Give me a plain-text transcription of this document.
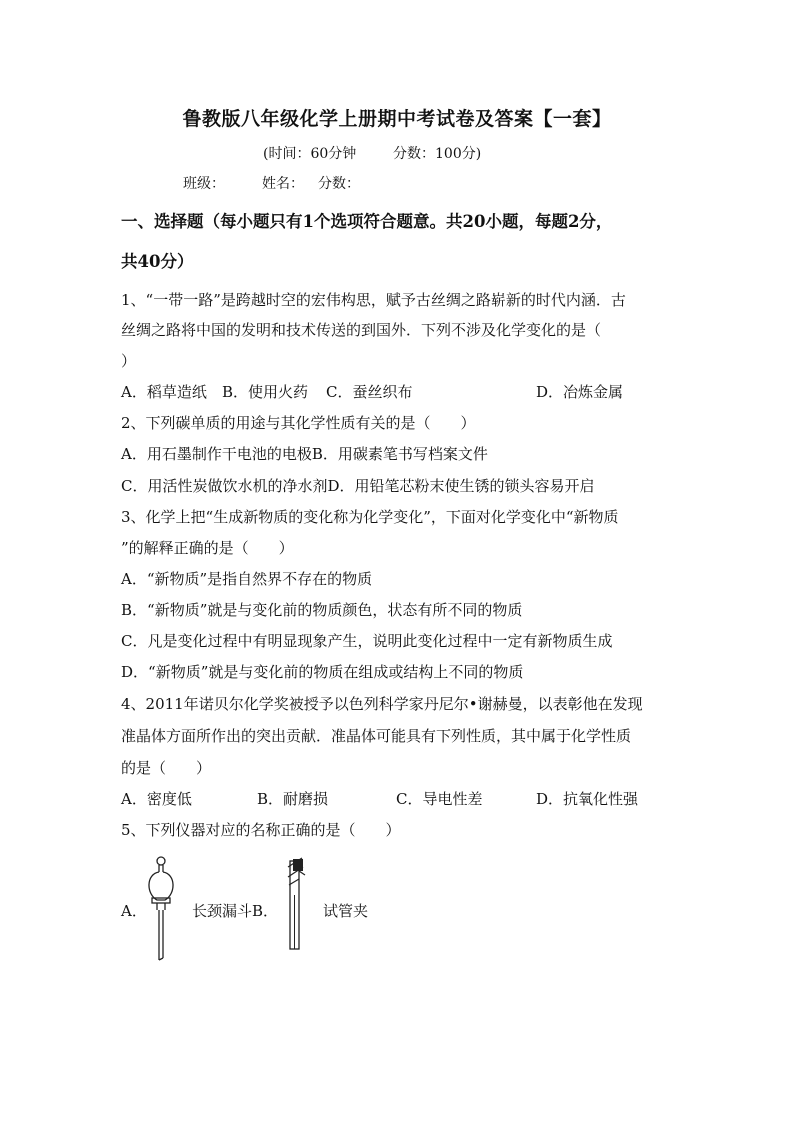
鲁教版八年级化学上册期中考试卷及答案【一套】
(时间：60分钟	分数：100分)
班级：	姓名： 分数：
一、选择题（每小题只有1个选项符合题意。共20小题，每题2分，
共40分）
1、“一带一路”是跨越时空的宏伟构思，赋予古丝绸之路崭新的时代内涵．古
丝绸之路将中国的发明和技术传送的到国外．下列不涉及化学变化的是（
）
A．稻草造纸 B．使用火药 C．蚕丝织布	D．冶炼金属
2、下列碳单质的用途与其化学性质有关的是（　　）
A．用石墨制作干电池的电极B．用碳素笔书写档案文件
C．用活性炭做饮水机的净水剂D．用铅笔芯粉末使生锈的锁头容易开启
3、化学上把“生成新物质的变化称为化学变化”，下面对化学变化中“新物质
”的解释正确的是（　　）
A．“新物质”是指自然界不存在的物质
B．“新物质”就是与变化前的物质颜色，状态有所不同的物质
C．凡是变化过程中有明显现象产生，说明此变化过程中一定有新物质生成
D．“新物质”就是与变化前的物质在组成或结构上不同的物质
4、2011年诺贝尔化学奖被授予以色列科学家丹尼尔•谢赫曼，以表彰他在发现
准晶体方面所作出的突出贡献．准晶体可能具有下列性质，其中属于化学性质
的是（　　）
A．密度低	B．耐磨损	C．导电性差	D．抗氧化性强
5、下列仪器对应的名称正确的是（　　）
A．	长颈漏斗B．	试管夹
